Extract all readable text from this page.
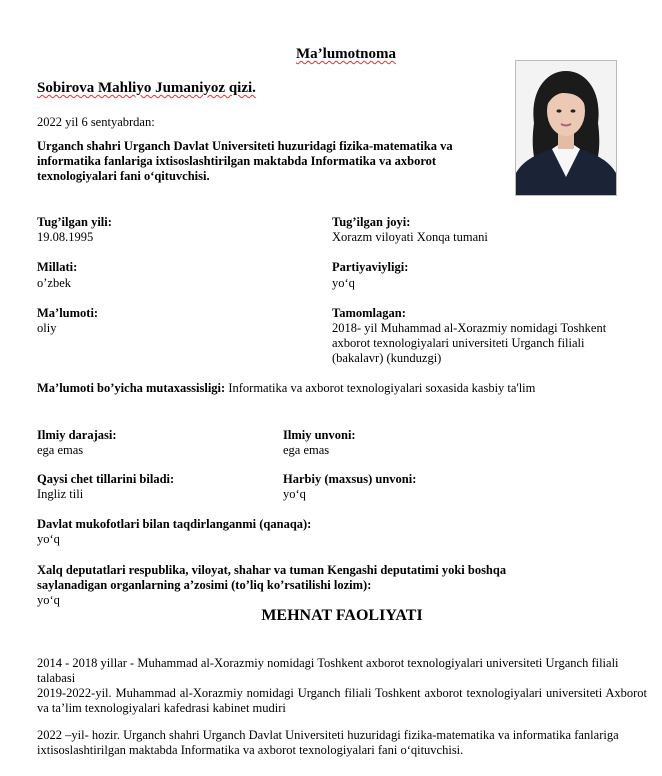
Ma’lumotnoma
Sobirova Mahliyo Jumaniyoz qizi.
2022 yil 6 sentyabrdan:
Urganch shahri Urganch Davlat Universiteti huzuridagi fizika-matematika va informatika fanlariga ixtisoslashtirilgan maktabda Informatika va axborot texnologiyalari fani o‘qituvchisi.
Tug’ilgan yili:
19.08.1995
Tug’ilgan joyi:
Xorazm viloyati Xonqa tumani
Millati:
o’zbek
Partiyaviyligi:
yo‘q
Ma’lumoti:
oliy
Tamomlagan:
2018- yil Muhammad al-Xorazmiy nomidagi Toshkent axborot texnologiyalari universiteti Urganch filiali (bakalavr) (kunduzgi)
Ma’lumoti bo’yicha mutaxassisligi: Informatika va axborot texnologiyalari soxasida kasbiy ta'lim
Ilmiy darajasi:
ega emas
Ilmiy unvoni:
ega emas
Qaysi chet tillarini biladi:
Ingliz tili
Harbiy (maxsus) unvoni:
yo‘q
Davlat mukofotlari bilan taqdirlanganmi (qanaqa):
yo‘q
Xalq deputatlari respublika, viloyat, shahar va tuman Kengashi deputatimi yoki boshqa saylanadigan organlarning a’zosimi (to’liq ko’rsatilishi lozim):
yo‘q
MEHNAT FAOLIYATI
2014 - 2018 yillar - Muhammad al-Xorazmiy nomidagi Toshkent axborot texnologiyalari universiteti Urganch filiali talabasi
2019-2022-yil. Muhammad al-Xorazmiy nomidagi Urganch filiali Toshkent axborot texnologiyalari universiteti Axborot va ta’lim texnologiyalari kafedrasi kabinet mudiri
2022 –yil- hozir. Urganch shahri Urganch Davlat Universiteti huzuridagi fizika-matematika va informatika fanlariga ixtisoslashtirilgan maktabda Informatika va axborot texnologiyalari fani o‘qituvchisi.
